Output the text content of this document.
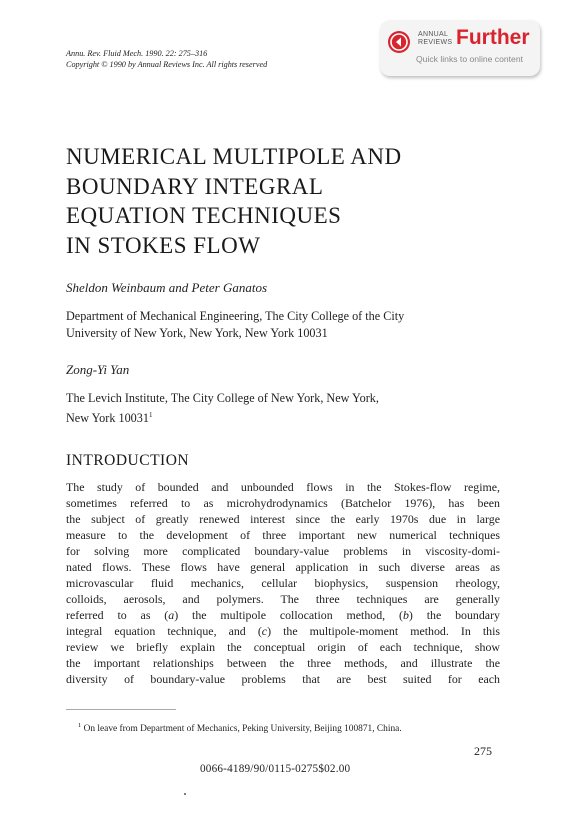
Annu. Rev. Fluid Mech. 1990. 22: 275–316
Copyright © 1990 by Annual Reviews Inc. All rights reserved
ANNUAL
REVIEWS Further
Quick links to online content
NUMERICAL MULTIPOLE AND
BOUNDARY INTEGRAL
EQUATION TECHNIQUES
IN STOKES FLOW
Sheldon Weinbaum and Peter Ganatos
Department of Mechanical Engineering, The City College of the City
University of New York, New York, New York 10031
Zong-Yi Yan
The Levich Institute, The City College of New York, New York,
New York 10031$^1$
INTRODUCTION
The study of bounded and unbounded flows in the Stokes-flow regime,
sometimes referred to as microhydrodynamics (Batchelor 1976), has been
the subject of greatly renewed interest since the early 1970s due in large
measure to the development of three important new numerical techniques
for solving more complicated boundary-value problems in viscosity-domi-
nated flows. These flows have general application in such diverse areas as
microvascular fluid mechanics, cellular biophysics, suspension rheology,
colloids, aerosols, and polymers. The three techniques are generally
referred to as (a) the multipole collocation method, (b) the boundary
integral equation technique, and (c) the multipole-moment method. In this
review we briefly explain the conceptual origin of each technique, show
the important relationships between the three methods, and illustrate the
diversity of boundary-value problems that are best suited for each
$^1$ On leave from Department of Mechanics, Peking University, Beijing 100871, China.
275
0066-4189/90/0115-0275$02.00
